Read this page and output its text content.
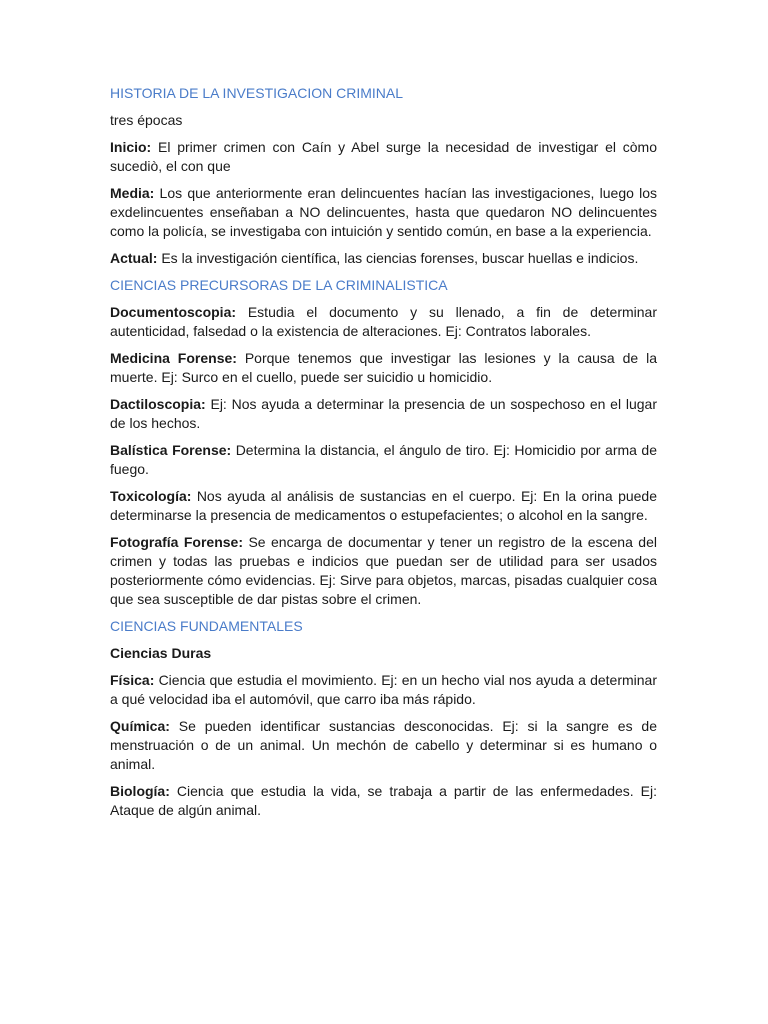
HISTORIA DE LA INVESTIGACION CRIMINAL
tres épocas
Inicio: El primer crimen con Caín y Abel surge la necesidad de investigar el còmo sucediò, el con que
Media: Los que anteriormente eran delincuentes hacían las investigaciones, luego los exdelincuentes enseñaban a NO delincuentes, hasta que quedaron NO delincuentes como la policía, se investigaba con intuición y sentido común, en base a la experiencia.
Actual: Es la investigación científica, las ciencias forenses, buscar huellas e indicios.
CIENCIAS PRECURSORAS DE LA CRIMINALISTICA
Documentoscopia: Estudia el documento y su llenado, a fin de determinar autenticidad, falsedad o la existencia de alteraciones. Ej: Contratos laborales.
Medicina Forense: Porque tenemos que investigar las lesiones y la causa de la muerte. Ej: Surco en el cuello, puede ser suicidio u homicidio.
Dactiloscopia: Ej: Nos ayuda a determinar la presencia de un sospechoso en el lugar de los hechos.
Balística Forense: Determina la distancia, el ángulo de tiro. Ej: Homicidio por arma de fuego.
Toxicología: Nos ayuda al análisis de sustancias en el cuerpo. Ej: En la orina puede determinarse la presencia de medicamentos o estupefacientes; o alcohol en la sangre.
Fotografía Forense: Se encarga de documentar y tener un registro de la escena del crimen y todas las pruebas e indicios que puedan ser de utilidad para ser usados posteriormente cómo evidencias. Ej: Sirve para objetos, marcas, pisadas cualquier cosa que sea susceptible de dar pistas sobre el crimen.
CIENCIAS FUNDAMENTALES
Ciencias Duras
Física: Ciencia que estudia el movimiento. Ej: en un hecho vial nos ayuda a determinar a qué velocidad iba el automóvil, que carro iba más rápido.
Química: Se pueden identificar sustancias desconocidas. Ej: si la sangre es de menstruación o de un animal. Un mechón de cabello y determinar si es humano o animal.
Biología: Ciencia que estudia la vida, se trabaja a partir de las enfermedades. Ej: Ataque de algún animal.
